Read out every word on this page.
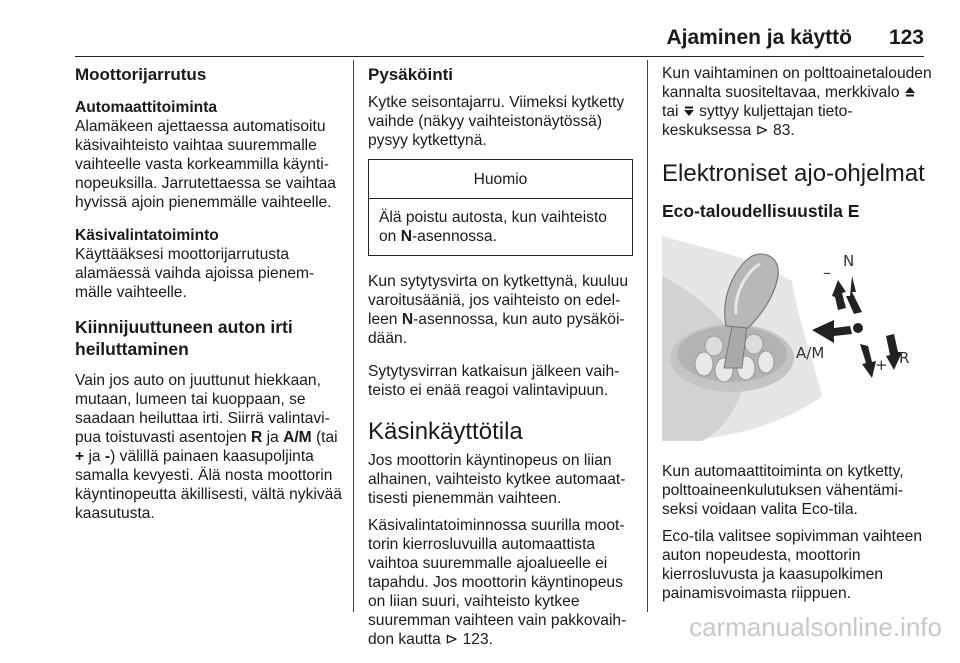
Ajaminen ja käyttö 123
Moottorijarrutus
Automaattitoiminta

Alamäkeen ajettaessa automatisoitu käsivaihteisto vaihtaa suuremmalle vaihteelle vasta korkeammilla käyntinopeuksilla. Jarrutettaessa se vaihtaa hyvissä ajoin pienemmälle vaihteelle.

Käsivalintatoiminto

Käyttääksesi moottorijarrutusta alamäessä vaihda ajoissa pienemmälle vaihteelle.

Kiinnijuuttuneen auton irti heiluttaminen

Vain jos auto on juuttunut hiekkaan, mutaan, lumeen tai kuoppaan, se saadaan heiluttaa irti. Siirrä valintavipua toistuvasti asentojen R ja A/M (tai + ja -) välillä painaen kaasupoljinta samalla kevyesti. Älä nosta moottorin käyntinopeutta äkillisesti, vältä nykivää kaasutusta.

Pysäköinti

Kytke seisontajarru. Viimeksi kytketty vaihde (näkyy vaihteistonäytössä) pysyy kytkettynä.

Huomio
Älä poistu autosta, kun vaihteisto on N-asennossa.

Kun sytytysvirta on kytkettynä, kuuluu varoitusääniä, jos vaihteisto on edelleen N-asennossa, kun auto pysäköidään.

Sytytysvirran katkaisun jälkeen vaihteisto ei enää reagoi valintavipuun.

Käsinkäyttötila

Jos moottorin käyntinopeus on liian alhainen, vaihteisto kytkee automaattisesti pienemmän vaihteen.

Käsivalintatoiminnossa suurilla moottorin kierrosluvuilla automaattista vaihtoa suuremmalle ajoalueelle ei tapahdu. Jos moottorin käyntinopeus on liian suuri, vaihteisto kytkee suuremman vaihteen vain pakkovaihdon kautta ⊳ 123.

Kun vaihtaminen on polttoainetalouden kannalta suositeltavaa, merkkivalo  tai  syttyy kuljettajan tietokeskuksessa ⊳ 83.

Elektroniset ajo-ohjelmat
Eco-taloudellisuustila E
N
–
A/M
+ R

Kun automaattitoiminta on kytketty, polttoaineenkulutuksen vähentämiseksi voidaan valita Eco-tila.

Eco-tila valitsee sopivimman vaihteen auton nopeudesta, moottorin kierrosluvusta ja kaasupolkimen painamisvoimasta riippuen.

carmanualsonline.info
